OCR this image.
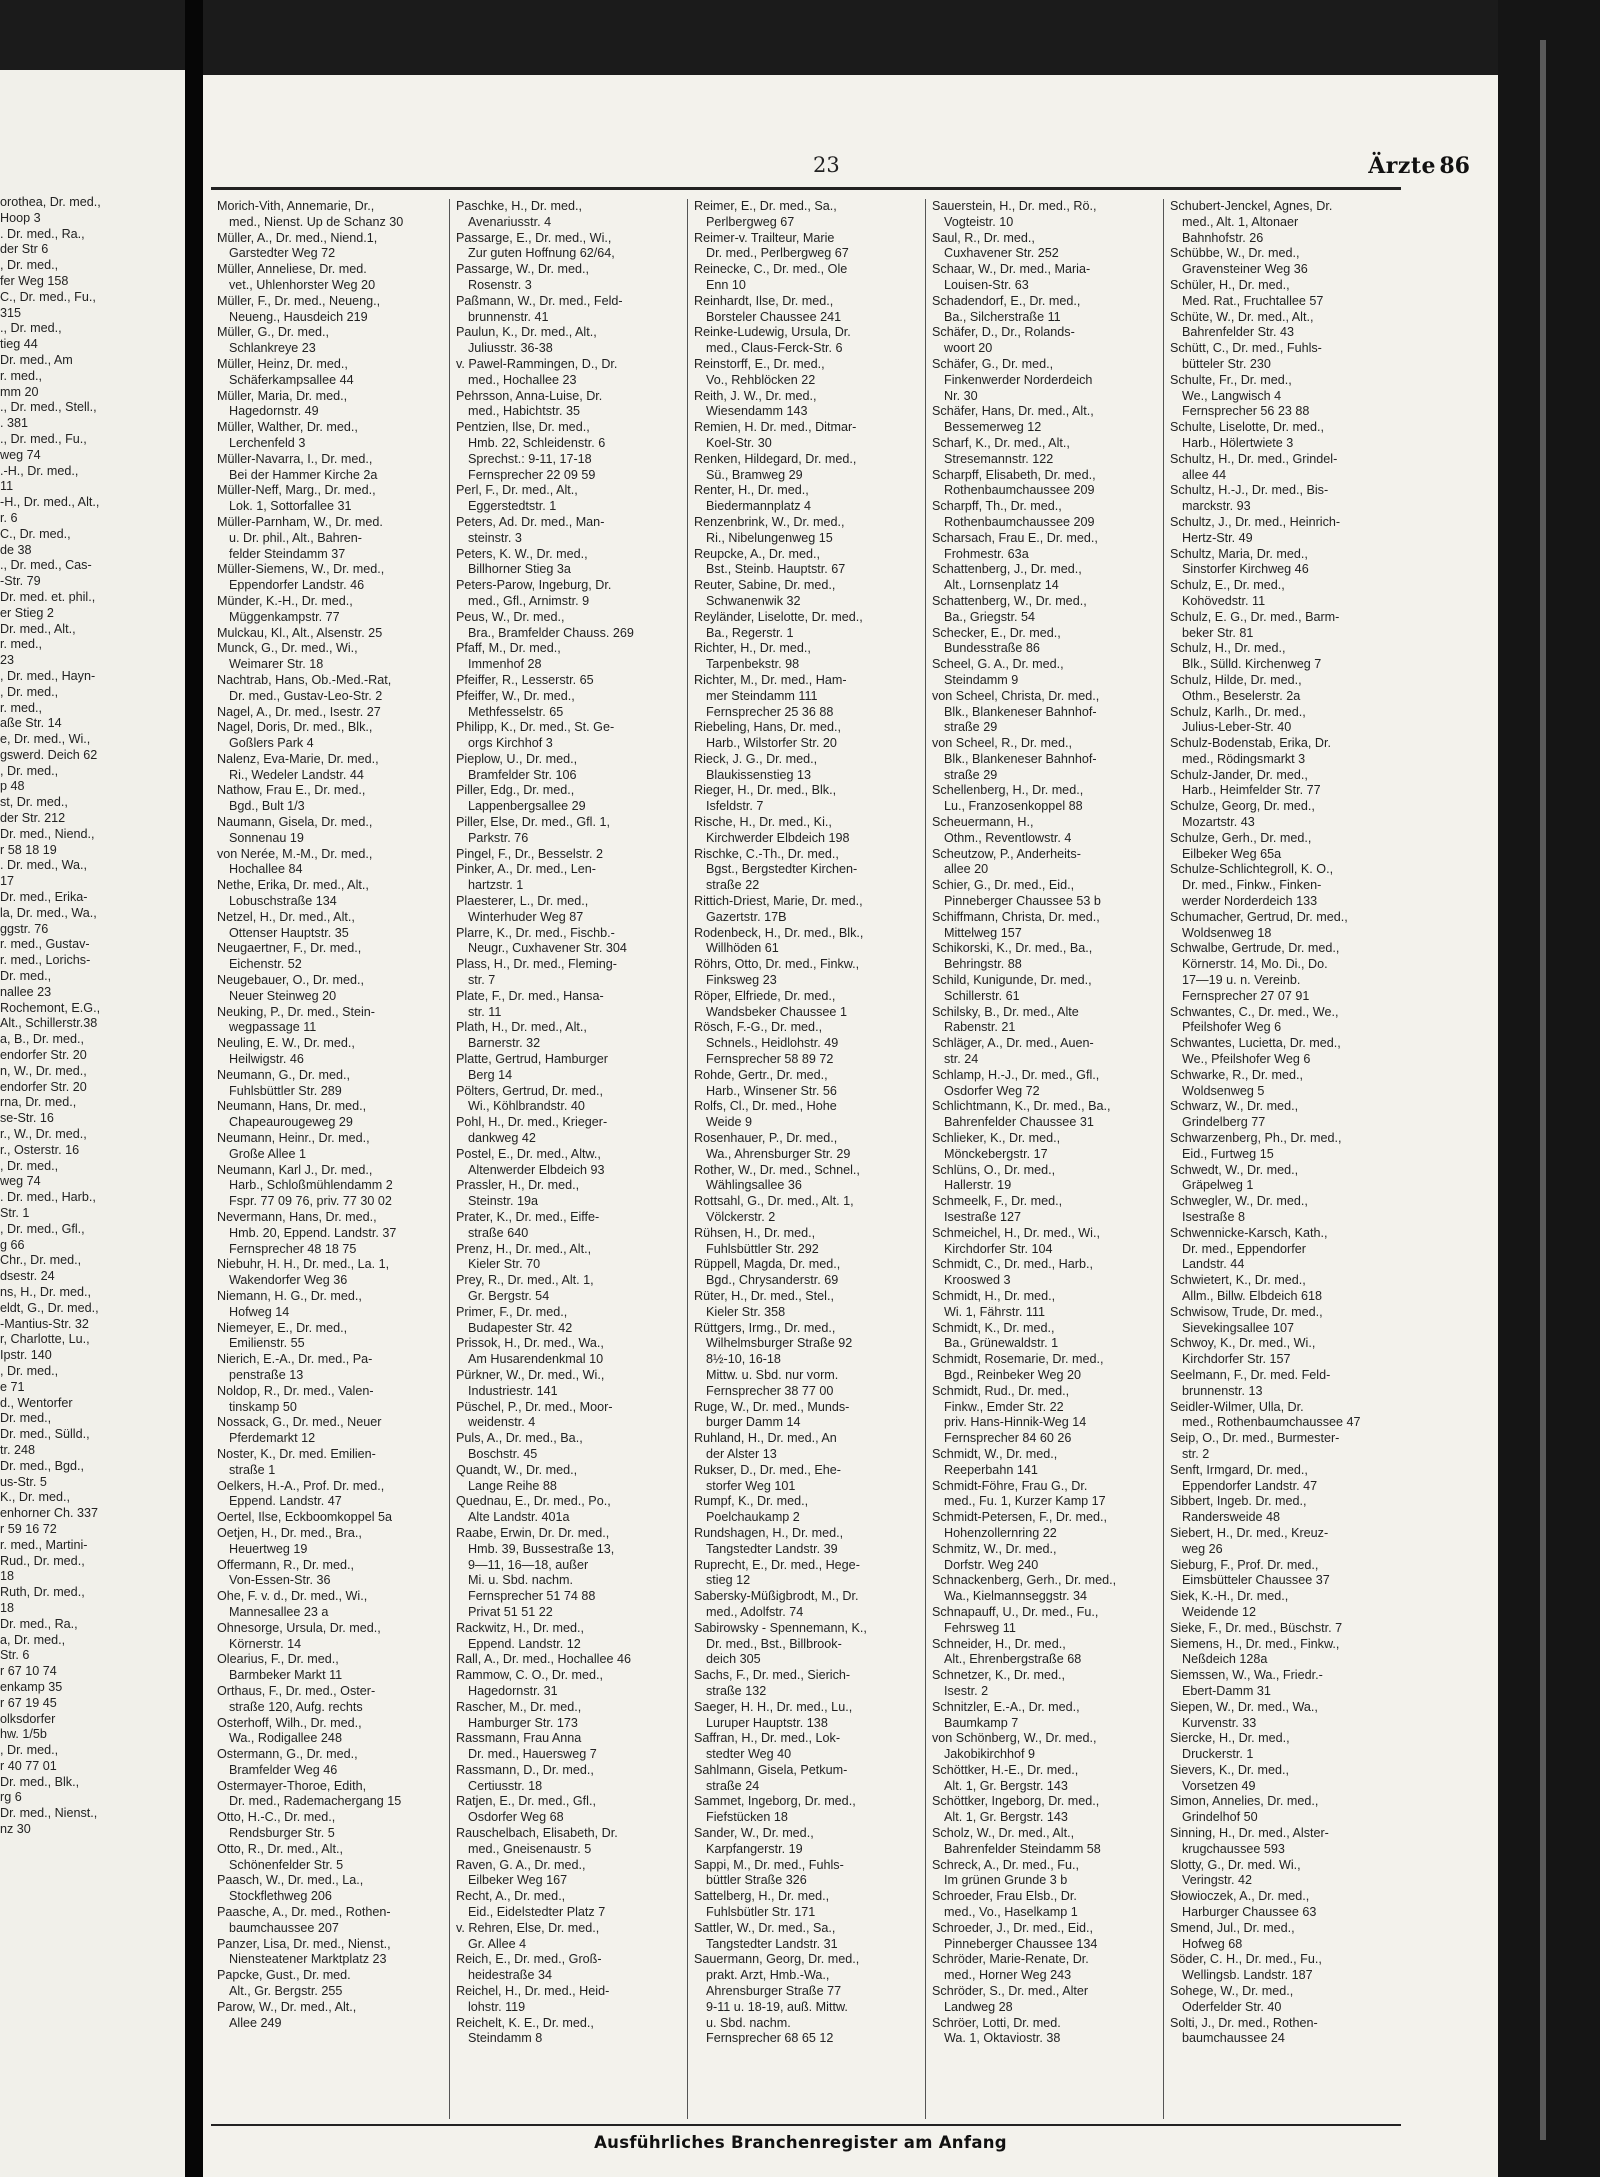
orothea, Dr. med.,
Hoop 3
. Dr. med., Ra.,
der Str 6
, Dr. med.,
fer Weg 158
C., Dr. med., Fu.,
315
., Dr. med.,
tieg 44
Dr. med., Am
r. med.,
mm 20
., Dr. med., Stell.,
. 381
., Dr. med., Fu.,
weg 74
.-H., Dr. med.,
11
-H., Dr. med., Alt.,
r. 6
C., Dr. med.,
de 38
., Dr. med., Cas-
-Str. 79
Dr. med. et. phil.,
er Stieg 2
Dr. med., Alt.,
r. med.,
23
, Dr. med., Hayn-
, Dr. med.,
r. med.,
aße Str. 14
e, Dr. med., Wi.,
gswerd. Deich 62
, Dr. med.,
p 48
st, Dr. med.,
der Str. 212
Dr. med., Niend.,
r 58 18 19
. Dr. med., Wa.,
17
Dr. med., Erika-
la, Dr. med., Wa.,
ggstr. 76
r. med., Gustav-
r. med., Lorichs-
Dr. med.,
nallee 23
Rochemont, E.G.,
Alt., Schillerstr.38
a, B., Dr. med.,
endorfer Str. 20
n, W., Dr. med.,
endorfer Str. 20
rna, Dr. med.,
se-Str. 16
r., W., Dr. med.,
r., Osterstr. 16
, Dr. med.,
weg 74
. Dr. med., Harb.,
Str. 1
, Dr. med., Gfl.,
g 66
Chr., Dr. med.,
dsestr. 24
ns, H., Dr. med.,
eldt, G., Dr. med.,
-Mantius-Str. 32
r, Charlotte, Lu.,
Ipstr. 140
, Dr. med.,
e 71
d., Wentorfer
Dr. med.,
Dr. med., Sülld.,
tr. 248
Dr. med., Bgd.,
us-Str. 5
K., Dr. med.,
enhorner Ch. 337
r 59 16 72
r. med., Martini-
Rud., Dr. med.,
18
Ruth, Dr. med.,
18
Dr. med., Ra.,
a, Dr. med.,
Str. 6
r 67 10 74
enkamp 35
r 67 19 45
olksdorfer
hw. 1/5b
, Dr. med.,
r 40 77 01
Dr. med., Blk.,
rg 6
Dr. med., Nienst.,
nz 30
23	Ärzte 86
Morich-Vith, Annemarie, Dr.,
med., Nienst. Up de Schanz 30
Müller, A., Dr. med., Niend.1,
Garstedter Weg 72
Müller, Anneliese, Dr. med.
vet., Uhlenhorster Weg 20
Müller, F., Dr. med., Neueng.,
Neueng., Hausdeich 219
Müller, G., Dr. med.,
Schlankreye 23
Müller, Heinz, Dr. med.,
Schäferkampsallee 44
Müller, Maria, Dr. med.,
Hagedornstr. 49
Müller, Walther, Dr. med.,
Lerchenfeld 3
Müller-Navarra, I., Dr. med.,
Bei der Hammer Kirche 2a
Müller-Neff, Marg., Dr. med.,
Lok. 1, Sottorfallee 31
Müller-Parnham, W., Dr. med.
u. Dr. phil., Alt., Bahren-
felder Steindamm 37
Müller-Siemens, W., Dr. med.,
Eppendorfer Landstr. 46
Münder, K.-H., Dr. med.,
Müggenkampstr. 77
Mulckau, Kl., Alt., Alsenstr. 25
Munck, G., Dr. med., Wi.,
Weimarer Str. 18
Nachtrab, Hans, Ob.-Med.-Rat,
Dr. med., Gustav-Leo-Str. 2
Nagel, A., Dr. med., Isestr. 27
Nagel, Doris, Dr. med., Blk.,
Goßlers Park 4
Nalenz, Eva-Marie, Dr. med.,
Ri., Wedeler Landstr. 44
Nathow, Frau E., Dr. med.,
Bgd., Bult 1/3
Naumann, Gisela, Dr. med.,
Sonnenau 19
von Nerée, M.-M., Dr. med.,
Hochallee 84
Nethe, Erika, Dr. med., Alt.,
Lobuschstraße 134
Netzel, H., Dr. med., Alt.,
Ottenser Hauptstr. 35
Neugaertner, F., Dr. med.,
Eichenstr. 52
Neugebauer, O., Dr. med.,
Neuer Steinweg 20
Neuking, P., Dr. med., Stein-
wegpassage 11
Neuling, E. W., Dr. med.,
Heilwigstr. 46
Neumann, G., Dr. med.,
Fuhlsbüttler Str. 289
Neumann, Hans, Dr. med.,
Chapeaurougeweg 29
Neumann, Heinr., Dr. med.,
Große Allee 1
Neumann, Karl J., Dr. med.,
Harb., Schloßmühlendamm 2
Fspr. 77 09 76, priv. 77 30 02
Nevermann, Hans, Dr. med.,
Hmb. 20, Eppend. Landstr. 37
Fernsprecher 48 18 75
Niebuhr, H. H., Dr. med., La. 1,
Wakendorfer Weg 36
Niemann, H. G., Dr. med.,
Hofweg 14
Niemeyer, E., Dr. med.,
Emilienstr. 55
Nierich, E.-A., Dr. med., Pa-
penstraße 13
Noldop, R., Dr. med., Valen-
tinskamp 50
Nossack, G., Dr. med., Neuer
Pferdemarkt 12
Noster, K., Dr. med. Emilien-
straße 1
Oelkers, H.-A., Prof. Dr. med.,
Eppend. Landstr. 47
Oertel, Ilse, Eckboomkoppel 5a
Oetjen, H., Dr. med., Bra.,
Heuertweg 19
Offermann, R., Dr. med.,
Von-Essen-Str. 36
Ohe, F. v. d., Dr. med., Wi.,
Mannesallee 23 a
Ohnesorge, Ursula, Dr. med.,
Körnerstr. 14
Olearius, F., Dr. med.,
Barmbeker Markt 11
Orthaus, F., Dr. med., Oster-
straße 120, Aufg. rechts
Osterhoff, Wilh., Dr. med.,
Wa., Rodigallee 248
Ostermann, G., Dr. med.,
Bramfelder Weg 46
Ostermayer-Thoroe, Edith,
Dr. med., Rademachergang 15
Otto, H.-C., Dr. med.,
Rendsburger Str. 5
Otto, R., Dr. med., Alt.,
Schönenfelder Str. 5
Paasch, W., Dr. med., La.,
Stockflethweg 206
Paasche, A., Dr. med., Rothen-
baumchaussee 207
Panzer, Lisa, Dr. med., Nienst.,
Niensteatener Marktplatz 23
Papcke, Gust., Dr. med.
Alt., Gr. Bergstr. 255
Parow, W., Dr. med., Alt.,
Allee 249
Paschke, H., Dr. med.,
Avenariusstr. 4
Passarge, E., Dr. med., Wi.,
Zur guten Hoffnung 62/64,
Passarge, W., Dr. med.,
Rosenstr. 3
Paßmann, W., Dr. med., Feld-
brunnenstr. 41
Paulun, K., Dr. med., Alt.,
Juliusstr. 36-38
v. Pawel-Rammingen, D., Dr.
med., Hochallee 23
Pehrsson, Anna-Luise, Dr.
med., Habichtstr. 35
Pentzien, Ilse, Dr. med.,
Hmb. 22, Schleidenstr. 6
Sprechst.: 9-11, 17-18
Fernsprecher 22 09 59
Perl, F., Dr. med., Alt.,
Eggerstedtstr. 1
Peters, Ad. Dr. med., Man-
steinstr. 3
Peters, K. W., Dr. med.,
Billhorner Stieg 3a
Peters-Parow, Ingeburg, Dr.
med., Gfl., Arnimstr. 9
Peus, W., Dr. med.,
Bra., Bramfelder Chauss. 269
Pfaff, M., Dr. med.,
Immenhof 28
Pfeiffer, R., Lesserstr. 65
Pfeiffer, W., Dr. med.,
Methfesselstr. 65
Philipp, K., Dr. med., St. Ge-
orgs Kirchhof 3
Pieplow, U., Dr. med.,
Bramfelder Str. 106
Piller, Edg., Dr. med.,
Lappenbergsallee 29
Piller, Else, Dr. med., Gfl. 1,
Parkstr. 76
Pingel, F., Dr., Besselstr. 2
Pinker, A., Dr. med., Len-
hartzstr. 1
Plaesterer, L., Dr. med.,
Winterhuder Weg 87
Plarre, K., Dr. med., Fischb.-
Neugr., Cuxhavener Str. 304
Plass, H., Dr. med., Fleming-
str. 7
Plate, F., Dr. med., Hansa-
str. 11
Plath, H., Dr. med., Alt.,
Barnerstr. 32
Platte, Gertrud, Hamburger
Berg 14
Pölters, Gertrud, Dr. med.,
Wi., Köhlbrandstr. 40
Pohl, H., Dr. med., Krieger-
dankweg 42
Postel, E., Dr. med., Altw.,
Altenwerder Elbdeich 93
Prassler, H., Dr. med.,
Steinstr. 19a
Prater, K., Dr. med., Eiffe-
straße 640
Prenz, H., Dr. med., Alt.,
Kieler Str. 70
Prey, R., Dr. med., Alt. 1,
Gr. Bergstr. 54
Primer, F., Dr. med.,
Budapester Str. 42
Prissok, H., Dr. med., Wa.,
Am Husarendenkmal 10
Pürkner, W., Dr. med., Wi.,
Industriestr. 141
Püschel, P., Dr. med., Moor-
weidenstr. 4
Puls, A., Dr. med., Ba.,
Boschstr. 45
Quandt, W., Dr. med.,
Lange Reihe 88
Quednau, E., Dr. med., Po.,
Alte Landstr. 401a
Raabe, Erwin, Dr. Dr. med.,
Hmb. 39, Bussestraße 13,
9—11, 16—18, außer
Mi. u. Sbd. nachm.
Fernsprecher 51 74 88
Privat 51 51 22
Rackwitz, H., Dr. med.,
Eppend. Landstr. 12
Rall, A., Dr. med., Hochallee 46
Rammow, C. O., Dr. med.,
Hagedornstr. 31
Rascher, M., Dr. med.,
Hamburger Str. 173
Rassmann, Frau Anna
Dr. med., Hauersweg 7
Rassmann, D., Dr. med.,
Certiusstr. 18
Ratjen, E., Dr. med., Gfl.,
Osdorfer Weg 68
Rauschelbach, Elisabeth, Dr.
med., Gneisenaustr. 5
Raven, G. A., Dr. med.,
Eilbeker Weg 167
Recht, A., Dr. med.,
Eid., Eidelstedter Platz 7
v. Rehren, Else, Dr. med.,
Gr. Allee 4
Reich, E., Dr. med., Groß-
heidestraße 34
Reichel, H., Dr. med., Heid-
lohstr. 119
Reichelt, K. E., Dr. med.,
Steindamm 8
Reimer, E., Dr. med., Sa.,
Perlbergweg 67
Reimer-v. Trailteur, Marie
Dr. med., Perlbergweg 67
Reinecke, C., Dr. med., Ole
Enn 10
Reinhardt, Ilse, Dr. med.,
Borsteler Chaussee 241
Reinke-Ludewig, Ursula, Dr.
med., Claus-Ferck-Str. 6
Reinstorff, E., Dr. med.,
Vo., Rehblöcken 22
Reith, J. W., Dr. med.,
Wiesendamm 143
Remien, H. Dr. med., Ditmar-
Koel-Str. 30
Renken, Hildegard, Dr. med.,
Sü., Bramweg 29
Renter, H., Dr. med.,
Biedermannplatz 4
Renzenbrink, W., Dr. med.,
Ri., Nibelungenweg 15
Reupcke, A., Dr. med.,
Bst., Steinb. Hauptstr. 67
Reuter, Sabine, Dr. med.,
Schwanenwik 32
Reyländer, Liselotte, Dr. med.,
Ba., Regerstr. 1
Richter, H., Dr. med.,
Tarpenbekstr. 98
Richter, M., Dr. med., Ham-
mer Steindamm 111
Fernsprecher 25 36 88
Riebeling, Hans, Dr. med.,
Harb., Wilstorfer Str. 20
Rieck, J. G., Dr. med.,
Blaukissenstieg 13
Rieger, H., Dr. med., Blk.,
Isfeldstr. 7
Rische, H., Dr. med., Ki.,
Kirchwerder Elbdeich 198
Rischke, C.-Th., Dr. med.,
Bgst., Bergstedter Kirchen-
straße 22
Rittich-Driest, Marie, Dr. med.,
Gazertstr. 17B
Rodenbeck, H., Dr. med., Blk.,
Willhöden 61
Röhrs, Otto, Dr. med., Finkw.,
Finksweg 23
Röper, Elfriede, Dr. med.,
Wandsbeker Chaussee 1
Rösch, F.-G., Dr. med.,
Schnels., Heidlohstr. 49
Fernsprecher 58 89 72
Rohde, Gertr., Dr. med.,
Harb., Winsener Str. 56
Rolfs, Cl., Dr. med., Hohe
Weide 9
Rosenhauer, P., Dr. med.,
Wa., Ahrensburger Str. 29
Rother, W., Dr. med., Schnel.,
Wählingsallee 36
Rottsahl, G., Dr. med., Alt. 1,
Völckerstr. 2
Rühsen, H., Dr. med.,
Fuhlsbüttler Str. 292
Rüppell, Magda, Dr. med.,
Bgd., Chrysanderstr. 69
Rüter, H., Dr. med., Stel.,
Kieler Str. 358
Rüttgers, Irmg., Dr. med.,
Wilhelmsburger Straße 92
8½-10, 16-18
Mittw. u. Sbd. nur vorm.
Fernsprecher 38 77 00
Ruge, W., Dr. med., Munds-
burger Damm 14
Ruhland, H., Dr. med., An
der Alster 13
Rukser, D., Dr. med., Ehe-
storfer Weg 101
Rumpf, K., Dr. med.,
Poelchaukamp 2
Rundshagen, H., Dr. med.,
Tangstedter Landstr. 39
Ruprecht, E., Dr. med., Hege-
stieg 12
Sabersky-Müßigbrodt, M., Dr.
med., Adolfstr. 74
Sabirowsky - Spennemann, K.,
Dr. med., Bst., Billbrook-
deich 305
Sachs, F., Dr. med., Sierich-
straße 132
Saeger, H. H., Dr. med., Lu.,
Luruper Hauptstr. 138
Saffran, H., Dr. med., Lok-
stedter Weg 40
Sahlmann, Gisela, Petkum-
straße 24
Sammet, Ingeborg, Dr. med.,
Fiefstücken 18
Sander, W., Dr. med.,
Karpfangerstr. 19
Sappi, M., Dr. med., Fuhls-
büttler Straße 326
Sattelberg, H., Dr. med.,
Fuhlsbütler Str. 171
Sattler, W., Dr. med., Sa.,
Tangstedter Landstr. 31
Sauermann, Georg, Dr. med.,
prakt. Arzt, Hmb.-Wa.,
Ahrensburger Straße 77
9-11 u. 18-19, auß. Mittw.
u. Sbd. nachm.
Fernsprecher 68 65 12
Sauerstein, H., Dr. med., Rö.,
Vogteistr. 10
Saul, R., Dr. med.,
Cuxhavener Str. 252
Schaar, W., Dr. med., Maria-
Louisen-Str. 63
Schadendorf, E., Dr. med.,
Ba., Silcherstraße 11
Schäfer, D., Dr., Rolands-
woort 20
Schäfer, G., Dr. med.,
Finkenwerder Norderdeich
Nr. 30
Schäfer, Hans, Dr. med., Alt.,
Bessemerweg 12
Scharf, K., Dr. med., Alt.,
Stresemannstr. 122
Scharpff, Elisabeth, Dr. med.,
Rothenbaumchaussee 209
Scharpff, Th., Dr. med.,
Rothenbaumchaussee 209
Scharsach, Frau E., Dr. med.,
Frohmestr. 63a
Schattenberg, J., Dr. med.,
Alt., Lornsenplatz 14
Schattenberg, W., Dr. med.,
Ba., Griegstr. 54
Schecker, E., Dr. med.,
Bundesstraße 86
Scheel, G. A., Dr. med.,
Steindamm 9
von Scheel, Christa, Dr. med.,
Blk., Blankeneser Bahnhof-
straße 29
von Scheel, R., Dr. med.,
Blk., Blankeneser Bahnhof-
straße 29
Schellenberg, H., Dr. med.,
Lu., Franzosenkoppel 88
Scheuermann, H.,
Othm., Reventlowstr. 4
Scheutzow, P., Anderheits-
allee 20
Schier, G., Dr. med., Eid.,
Pinneberger Chaussee 53 b
Schiffmann, Christa, Dr. med.,
Mittelweg 157
Schikorski, K., Dr. med., Ba.,
Behringstr. 88
Schild, Kunigunde, Dr. med.,
Schillerstr. 61
Schilsky, B., Dr. med., Alte
Rabenstr. 21
Schläger, A., Dr. med., Auen-
str. 24
Schlamp, H.-J., Dr. med., Gfl.,
Osdorfer Weg 72
Schlichtmann, K., Dr. med., Ba.,
Bahrenfelder Chaussee 31
Schlieker, K., Dr. med.,
Mönckebergstr. 17
Schlüns, O., Dr. med.,
Hallerstr. 19
Schmeelk, F., Dr. med.,
Isestraße 127
Schmeichel, H., Dr. med., Wi.,
Kirchdorfer Str. 104
Schmidt, C., Dr. med., Harb.,
Krooswed 3
Schmidt, H., Dr. med.,
Wi. 1, Fährstr. 111
Schmidt, K., Dr. med.,
Ba., Grünewaldstr. 1
Schmidt, Rosemarie, Dr. med.,
Bgd., Reinbeker Weg 20
Schmidt, Rud., Dr. med.,
Finkw., Emder Str. 22
priv. Hans-Hinnik-Weg 14
Fernsprecher 84 60 26
Schmidt, W., Dr. med.,
Reeperbahn 141
Schmidt-Föhre, Frau G., Dr.
med., Fu. 1, Kurzer Kamp 17
Schmidt-Petersen, F., Dr. med.,
Hohenzollernring 22
Schmitz, W., Dr. med.,
Dorfstr. Weg 240
Schnackenberg, Gerh., Dr. med.,
Wa., Kielmannseggstr. 34
Schnapauff, U., Dr. med., Fu.,
Fehrsweg 11
Schneider, H., Dr. med.,
Alt., Ehrenbergstraße 68
Schnetzer, K., Dr. med.,
Isestr. 2
Schnitzler, E.-A., Dr. med.,
Baumkamp 7
von Schönberg, W., Dr. med.,
Jakobikirchhof 9
Schöttker, H.-E., Dr. med.,
Alt. 1, Gr. Bergstr. 143
Schöttker, Ingeborg, Dr. med.,
Alt. 1, Gr. Bergstr. 143
Scholz, W., Dr. med., Alt.,
Bahrenfelder Steindamm 58
Schreck, A., Dr. med., Fu.,
Im grünen Grunde 3 b
Schroeder, Frau Elsb., Dr.
med., Vo., Haselkamp 1
Schroeder, J., Dr. med., Eid.,
Pinneberger Chaussee 134
Schröder, Marie-Renate, Dr.
med., Horner Weg 243
Schröder, S., Dr. med., Alter
Landweg 28
Schröer, Lotti, Dr. med.
Wa. 1, Oktaviostr. 38
Schubert-Jenckel, Agnes, Dr.
med., Alt. 1, Altonaer
Bahnhofstr. 26
Schübbe, W., Dr. med.,
Gravensteiner Weg 36
Schüler, H., Dr. med.,
Med. Rat., Fruchtallee 57
Schüte, W., Dr. med., Alt.,
Bahrenfelder Str. 43
Schütt, C., Dr. med., Fuhls-
bütteler Str. 230
Schulte, Fr., Dr. med.,
We., Langwisch 4
Fernsprecher 56 23 88
Schulte, Liselotte, Dr. med.,
Harb., Hölertwiete 3
Schultz, H., Dr. med., Grindel-
allee 44
Schultz, H.-J., Dr. med., Bis-
marckstr. 93
Schultz, J., Dr. med., Heinrich-
Hertz-Str. 49
Schultz, Maria, Dr. med.,
Sinstorfer Kirchweg 46
Schulz, E., Dr. med.,
Kohövedstr. 11
Schulz, E. G., Dr. med., Barm-
beker Str. 81
Schulz, H., Dr. med.,
Blk., Sülld. Kirchenweg 7
Schulz, Hilde, Dr. med.,
Othm., Beselerstr. 2a
Schulz, Karlh., Dr. med.,
Julius-Leber-Str. 40
Schulz-Bodenstab, Erika, Dr.
med., Rödingsmarkt 3
Schulz-Jander, Dr. med.,
Harb., Heimfelder Str. 77
Schulze, Georg, Dr. med.,
Mozartstr. 43
Schulze, Gerh., Dr. med.,
Eilbeker Weg 65a
Schulze-Schlichtegroll, K. O.,
Dr. med., Finkw., Finken-
werder Norderdeich 133
Schumacher, Gertrud, Dr. med.,
Woldsenweg 18
Schwalbe, Gertrude, Dr. med.,
Körnerstr. 14, Mo. Di., Do.
17—19 u. n. Vereinb.
Fernsprecher 27 07 91
Schwantes, C., Dr. med., We.,
Pfeilshofer Weg 6
Schwantes, Lucietta, Dr. med.,
We., Pfeilshofer Weg 6
Schwarke, R., Dr. med.,
Woldsenweg 5
Schwarz, W., Dr. med.,
Grindelberg 77
Schwarzenberg, Ph., Dr. med.,
Eid., Furtweg 15
Schwedt, W., Dr. med.,
Gräpelweg 1
Schwegler, W., Dr. med.,
Isestraße 8
Schwennicke-Karsch, Kath.,
Dr. med., Eppendorfer
Landstr. 44
Schwietert, K., Dr. med.,
Allm., Billw. Elbdeich 618
Schwisow, Trude, Dr. med.,
Sievekingsallee 107
Schwoy, K., Dr. med., Wi.,
Kirchdorfer Str. 157
Seelmann, F., Dr. med. Feld-
brunnenstr. 13
Seidler-Wilmer, Ulla, Dr.
med., Rothenbaumchaussee 47
Seip, O., Dr. med., Burmester-
str. 2
Senft, Irmgard, Dr. med.,
Eppendorfer Landstr. 47
Sibbert, Ingeb. Dr. med.,
Randersweide 48
Siebert, H., Dr. med., Kreuz-
weg 26
Sieburg, F., Prof. Dr. med.,
Eimsbütteler Chaussee 37
Siek, K.-H., Dr. med.,
Weidende 12
Sieke, F., Dr. med., Büschstr. 7
Siemens, H., Dr. med., Finkw.,
Neßdeich 128a
Siemssen, W., Wa., Friedr.-
Ebert-Damm 31
Siepen, W., Dr. med., Wa.,
Kurvenstr. 33
Siercke, H., Dr. med.,
Druckerstr. 1
Sievers, K., Dr. med.,
Vorsetzen 49
Simon, Annelies, Dr. med.,
Grindelhof 50
Sinning, H., Dr. med., Alster-
krugchaussee 593
Slotty, G., Dr. med. Wi.,
Veringstr. 42
Słowioczek, A., Dr. med.,
Harburger Chaussee 63
Smend, Jul., Dr. med.,
Hofweg 68
Söder, C. H., Dr. med., Fu.,
Wellingsb. Landstr. 187
Sohege, W., Dr. med.,
Oderfelder Str. 40
Solti, J., Dr. med., Rothen-
baumchaussee 24
Ausführliches Branchenregister am Anfang
